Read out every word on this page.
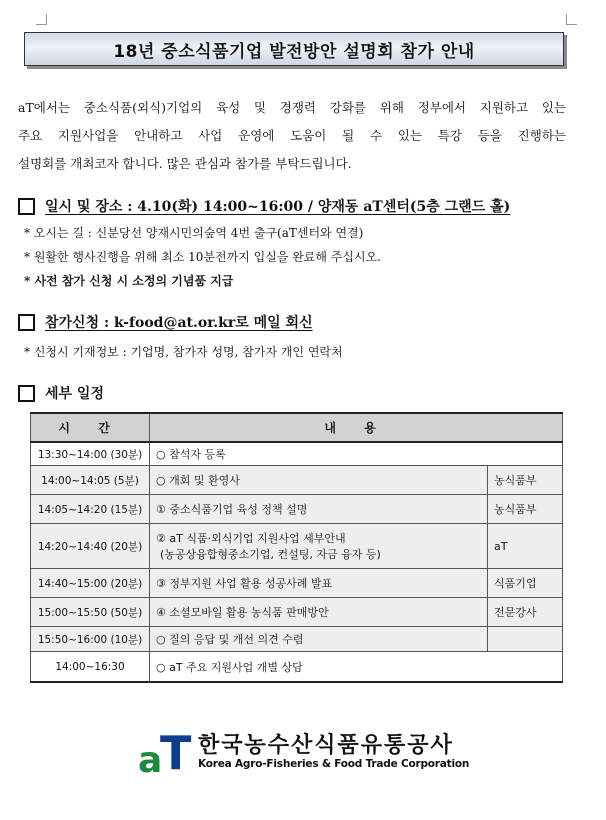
18년 중소식품기업 발전방안 설명회 참가 안내
aT에서는 중소식품(외식)기업의 육성 및 경쟁력 강화를 위해 정부에서 지원하고 있는
주요 지원사업을 안내하고 사업 운영에 도움이 될 수 있는 특강 등을 진행하는
설명회를 개최코자 합니다. 많은 관심과 참가를 부탁드립니다.
일시 및 장소 : 4.10(화) 14:00~16:00 / 양재동 aT센터(5층 그랜드 홀)
* 오시는 길 : 신분당선 양재시민의숲역 4번 출구(aT센터와 연결)
* 원활한 행사진행을 위해 최소 10분전까지 입실을 완료해 주십시오.
* 사전 참가 신청 시 소정의 기념품 지급
참가신청 : k-food@at.or.kr로 메일 회신
* 신청시 기재정보 : 기업명, 참가자 성명, 참가자 개인 연락처
세부 일정
시 간	내 용	
13:30~14:00 (30분)	○ 참석자 등록	
14:00~14:05 (5분)	○ 개회 및 환영사	농식품부
14:05~14:20 (15분)	① 중소식품기업 육성 정책 설명	농식품부
14:20~14:40 (20분)	② aT 식품·외식기업 지원사업 세부안내
(농공상융합형중소기업, 컨설팅, 자금 융자 등)	aT
14:40~15:00 (20분)	③ 정부지원 사업 활용 성공사례 발표	식품기업
15:00~15:50 (50분)	④ 소셜모바일 활용 농식품 판매방안	전문강사
15:50~16:00 (10분)	○ 질의 응답 및 개선 의견 수렴	
14:00~16:30	○ aT 주요 지원사업 개별 상담	
a
T 한국농수산식품유통공사
Korea Agro-Fisheries & Food Trade Corporation
